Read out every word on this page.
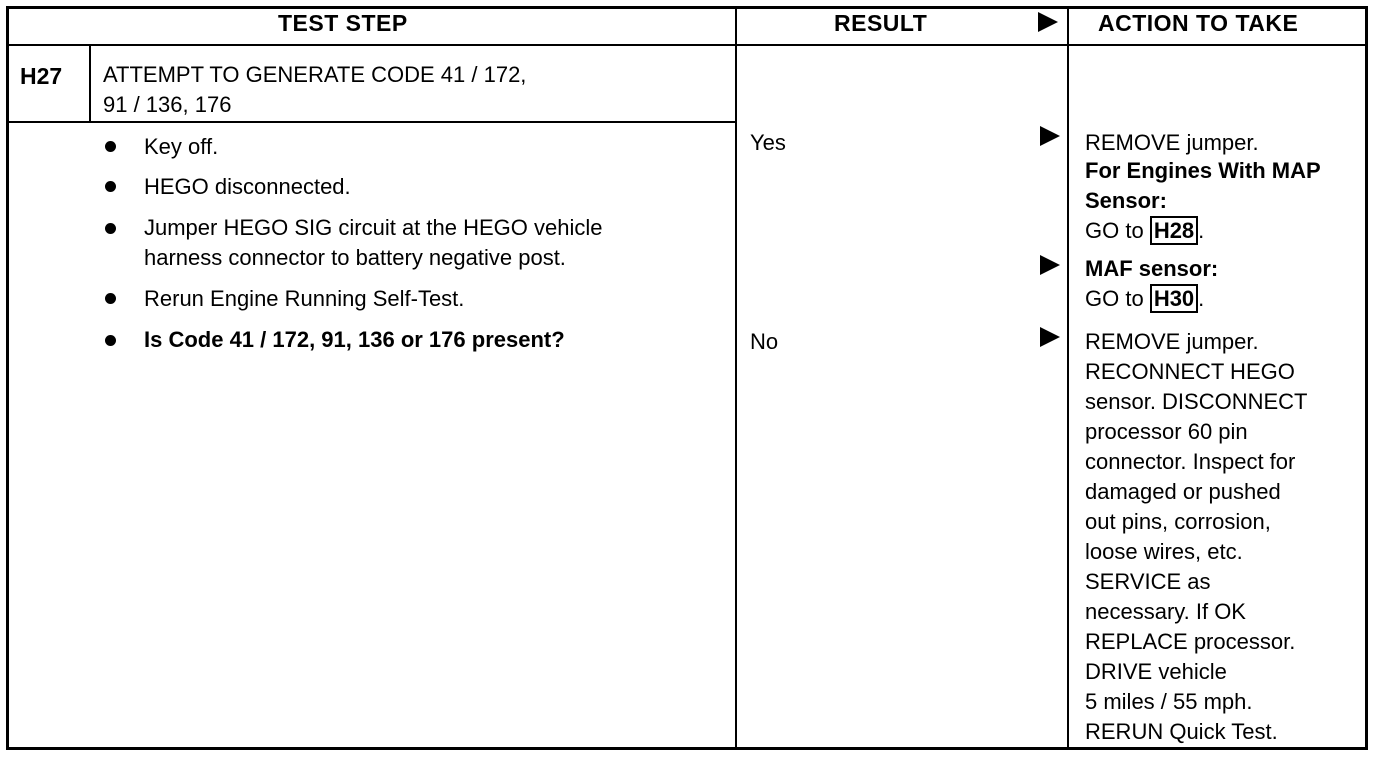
TEST STEP	RESULT	ACTION TO TAKE
H27 ATTEMPT TO GENERATE CODE 41 / 172,
91 / 136, 176
Key off.
HEGO disconnected.
Jumper HEGO SIG circuit at the HEGO vehicle
harness connector to battery negative post.
Rerun Engine Running Self-Test.
Is Code 41 / 172, 91, 136 or 176 present?
Yes
No
REMOVE jumper.
For Engines With MAP
Sensor:
GO to H28 .
MAF sensor:
GO to H30 .
REMOVE jumper.
RECONNECT HEGO
sensor. DISCONNECT
processor 60 pin
connector. Inspect for
damaged or pushed
out pins, corrosion,
loose wires, etc.
SERVICE as
necessary. If OK
REPLACE processor.
DRIVE vehicle
5 miles / 55 mph.
RERUN Quick Test.
